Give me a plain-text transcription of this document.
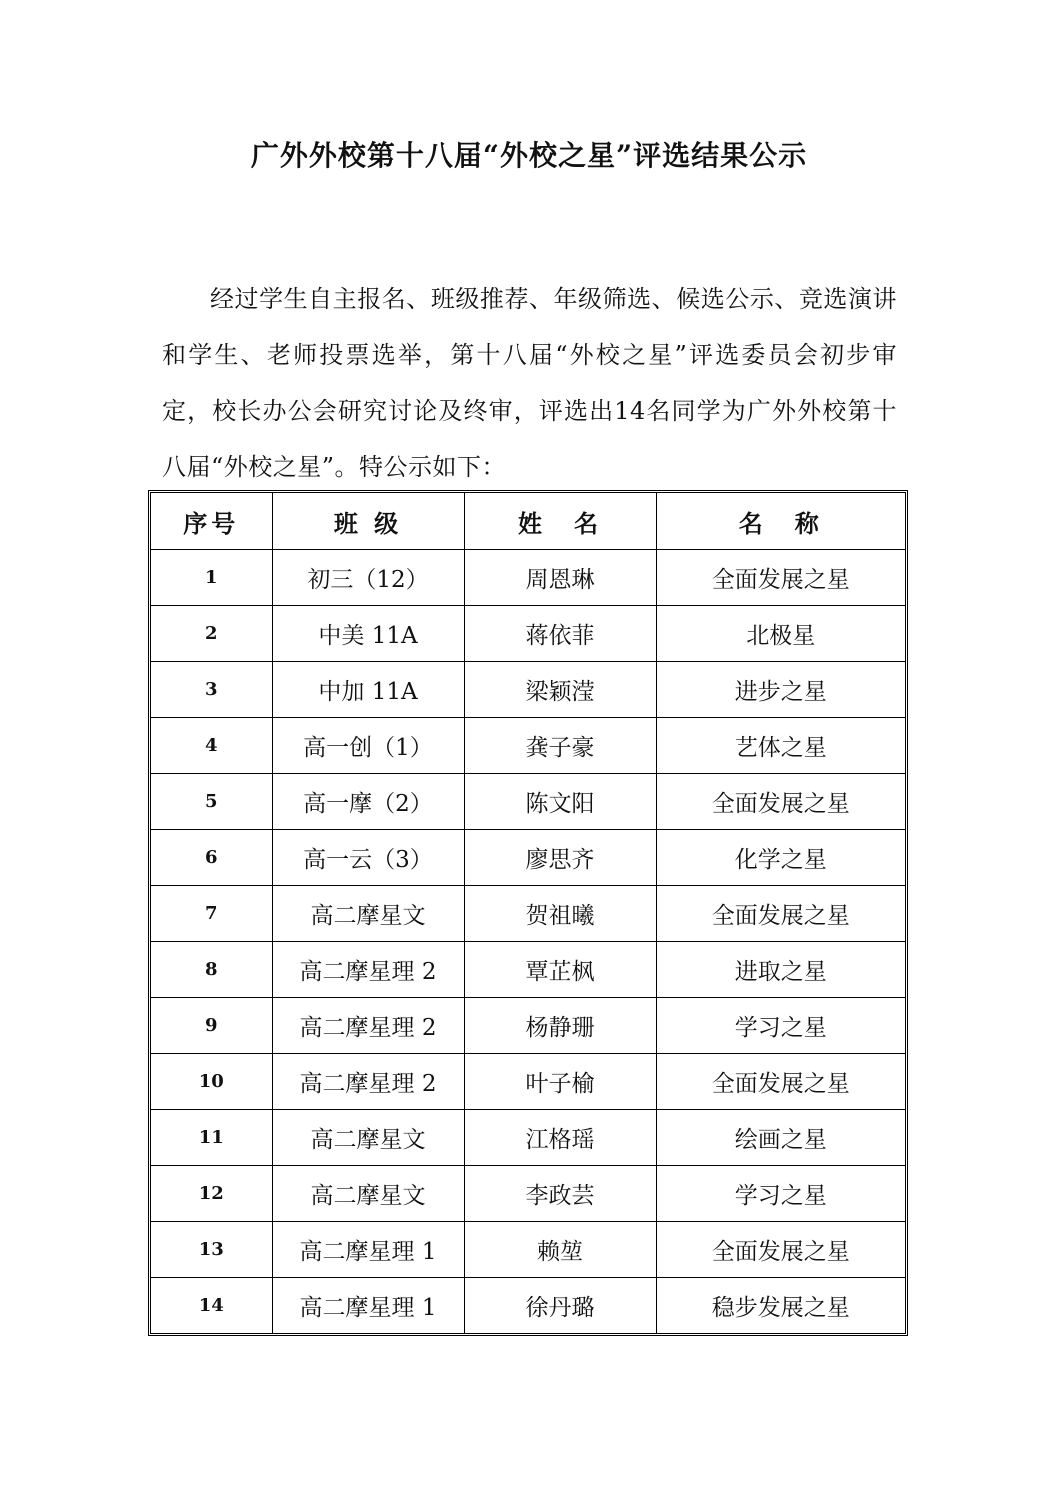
广外外校第十八届“外校之星”评选结果公示

经过学生自主报名、班级推荐、年级筛选、候选公示、竞选演讲和学生、老师投票选举，第十八届“外校之星”评选委员会初步审定，校长办公会研究讨论及终审，评选出14名同学为广外外校第十八届“外校之星”。特公示如下：

序号	班 级	姓　名	名　称
1	初三（12）	周恩琳	全面发展之星
2	中美 11A	蒋依菲	北极星
3	中加 11A	梁颖滢	进步之星
4	高一创（1）	龚子豪	艺体之星
5	高一摩（2）	陈文阳	全面发展之星
6	高一云（3）	廖思齐	化学之星
7	高二摩星文	贺祖曦	全面发展之星
8	高二摩星理 2	覃芷枫	进取之星
9	高二摩星理 2	杨静珊	学习之星
10	高二摩星理 2	叶子榆	全面发展之星
11	高二摩星文	江格瑶	绘画之星
12	高二摩星文	李政芸	学习之星
13	高二摩星理 1	赖堃	全面发展之星
14	高二摩星理 1	徐丹璐	稳步发展之星
